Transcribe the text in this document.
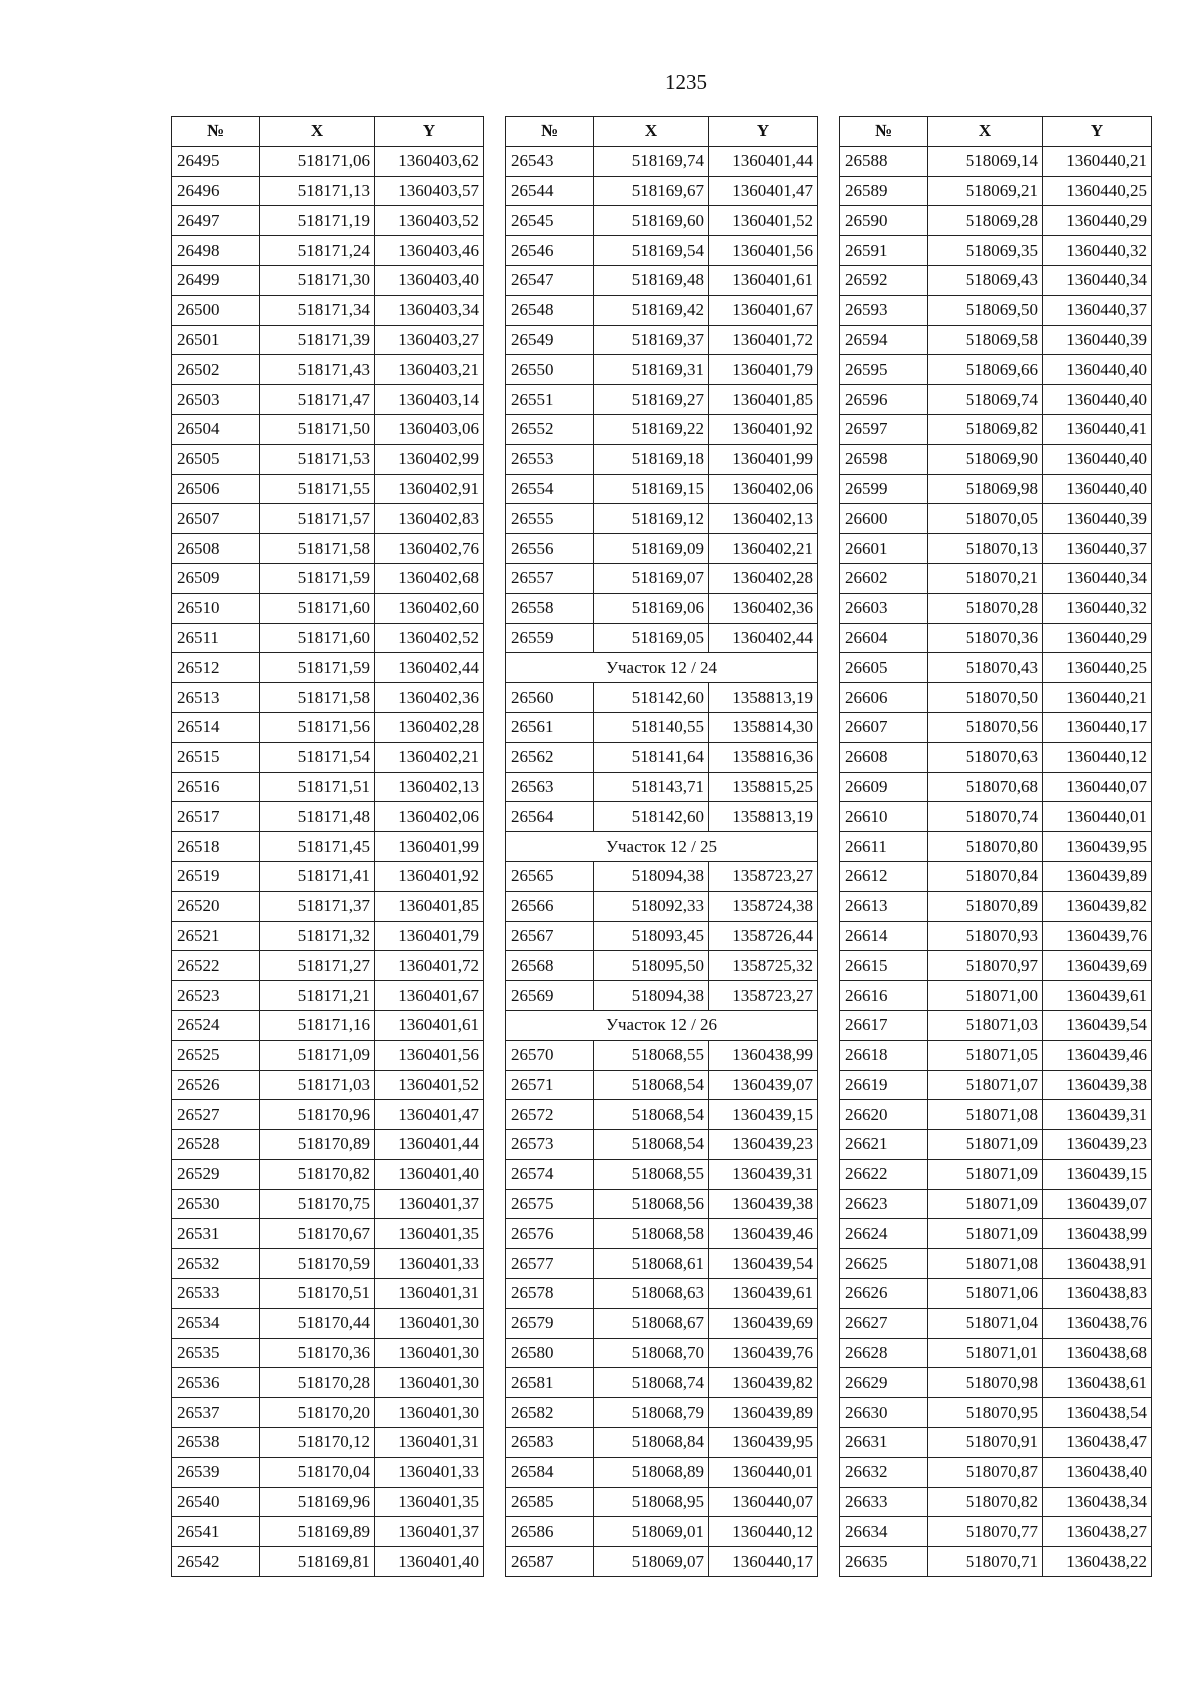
1235
№	X	Y
26495	518171,06	1360403,62
26496	518171,13	1360403,57
26497	518171,19	1360403,52
26498	518171,24	1360403,46
26499	518171,30	1360403,40
26500	518171,34	1360403,34
26501	518171,39	1360403,27
26502	518171,43	1360403,21
26503	518171,47	1360403,14
26504	518171,50	1360403,06
26505	518171,53	1360402,99
26506	518171,55	1360402,91
26507	518171,57	1360402,83
26508	518171,58	1360402,76
26509	518171,59	1360402,68
26510	518171,60	1360402,60
26511	518171,60	1360402,52
26512	518171,59	1360402,44
26513	518171,58	1360402,36
26514	518171,56	1360402,28
26515	518171,54	1360402,21
26516	518171,51	1360402,13
26517	518171,48	1360402,06
26518	518171,45	1360401,99
26519	518171,41	1360401,92
26520	518171,37	1360401,85
26521	518171,32	1360401,79
26522	518171,27	1360401,72
26523	518171,21	1360401,67
26524	518171,16	1360401,61
26525	518171,09	1360401,56
26526	518171,03	1360401,52
26527	518170,96	1360401,47
26528	518170,89	1360401,44
26529	518170,82	1360401,40
26530	518170,75	1360401,37
26531	518170,67	1360401,35
26532	518170,59	1360401,33
26533	518170,51	1360401,31
26534	518170,44	1360401,30
26535	518170,36	1360401,30
26536	518170,28	1360401,30
26537	518170,20	1360401,30
26538	518170,12	1360401,31
26539	518170,04	1360401,33
26540	518169,96	1360401,35
26541	518169,89	1360401,37
26542	518169,81	1360401,40
№	X	Y
26543	518169,74	1360401,44
26544	518169,67	1360401,47
26545	518169,60	1360401,52
26546	518169,54	1360401,56
26547	518169,48	1360401,61
26548	518169,42	1360401,67
26549	518169,37	1360401,72
26550	518169,31	1360401,79
26551	518169,27	1360401,85
26552	518169,22	1360401,92
26553	518169,18	1360401,99
26554	518169,15	1360402,06
26555	518169,12	1360402,13
26556	518169,09	1360402,21
26557	518169,07	1360402,28
26558	518169,06	1360402,36
26559	518169,05	1360402,44
Участок 12 / 24		
26560	518142,60	1358813,19
26561	518140,55	1358814,30
26562	518141,64	1358816,36
26563	518143,71	1358815,25
26564	518142,60	1358813,19
Участок 12 / 25		
26565	518094,38	1358723,27
26566	518092,33	1358724,38
26567	518093,45	1358726,44
26568	518095,50	1358725,32
26569	518094,38	1358723,27
Участок 12 / 26		
26570	518068,55	1360438,99
26571	518068,54	1360439,07
26572	518068,54	1360439,15
26573	518068,54	1360439,23
26574	518068,55	1360439,31
26575	518068,56	1360439,38
26576	518068,58	1360439,46
26577	518068,61	1360439,54
26578	518068,63	1360439,61
26579	518068,67	1360439,69
26580	518068,70	1360439,76
26581	518068,74	1360439,82
26582	518068,79	1360439,89
26583	518068,84	1360439,95
26584	518068,89	1360440,01
26585	518068,95	1360440,07
26586	518069,01	1360440,12
26587	518069,07	1360440,17
№	X	Y
26588	518069,14	1360440,21
26589	518069,21	1360440,25
26590	518069,28	1360440,29
26591	518069,35	1360440,32
26592	518069,43	1360440,34
26593	518069,50	1360440,37
26594	518069,58	1360440,39
26595	518069,66	1360440,40
26596	518069,74	1360440,40
26597	518069,82	1360440,41
26598	518069,90	1360440,40
26599	518069,98	1360440,40
26600	518070,05	1360440,39
26601	518070,13	1360440,37
26602	518070,21	1360440,34
26603	518070,28	1360440,32
26604	518070,36	1360440,29
26605	518070,43	1360440,25
26606	518070,50	1360440,21
26607	518070,56	1360440,17
26608	518070,63	1360440,12
26609	518070,68	1360440,07
26610	518070,74	1360440,01
26611	518070,80	1360439,95
26612	518070,84	1360439,89
26613	518070,89	1360439,82
26614	518070,93	1360439,76
26615	518070,97	1360439,69
26616	518071,00	1360439,61
26617	518071,03	1360439,54
26618	518071,05	1360439,46
26619	518071,07	1360439,38
26620	518071,08	1360439,31
26621	518071,09	1360439,23
26622	518071,09	1360439,15
26623	518071,09	1360439,07
26624	518071,09	1360438,99
26625	518071,08	1360438,91
26626	518071,06	1360438,83
26627	518071,04	1360438,76
26628	518071,01	1360438,68
26629	518070,98	1360438,61
26630	518070,95	1360438,54
26631	518070,91	1360438,47
26632	518070,87	1360438,40
26633	518070,82	1360438,34
26634	518070,77	1360438,27
26635	518070,71	1360438,22
